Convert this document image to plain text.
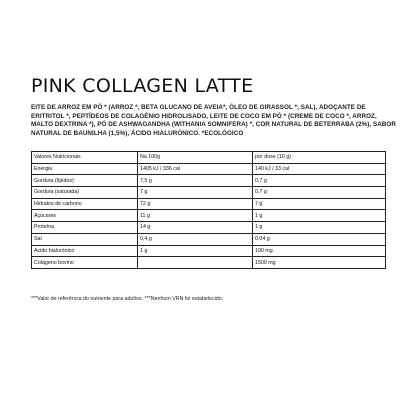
PINK COLLAGEN LATTE

EITE DE ARROZ EM PÓ * (ARROZ *, BETA GLUCANO DE AVEIA*, ÓLEO DE GIRASSOL *, SAL), ADOÇANTE DE ERITRITOL *, PEPTÍDEOS DE COLAGÉNIO HIDROLISADO, LEITE DE COCO EM PÓ * (CREME DE COCO *, ARROZ, MALTO DEXTRINA *), PÓ DE ASHWAGANDHA (WITHANIA SOMNIFERA) *, COR NATURAL DE BETERRABA (2%), SABOR NATURAL DE BAUNILHA (1,5%), ÁCIDO HIALURÓNICO. *ECOLÓGICO

Valores Nutricionais	Na 100g	por dose (10 g)
Energia	1405 kJ / 336 cal	140 kJ / 33 cal
Gordura (lípidos)	7,5 g	0,7 g
Gordura (saturada)	7 g	0,7 g
Hidratos de carbono	72 g	7 g
Açúcares	11 g	1 g
Proteína	14 g	1 g
Sal	0,4 g	0,04 g
Ácido hialurónico	1 g	100 mg
Colágeno bovino		1500 mg

***Valor de referência do nutriente para adultos. ***Nenhum VRN foi estabelecido.
